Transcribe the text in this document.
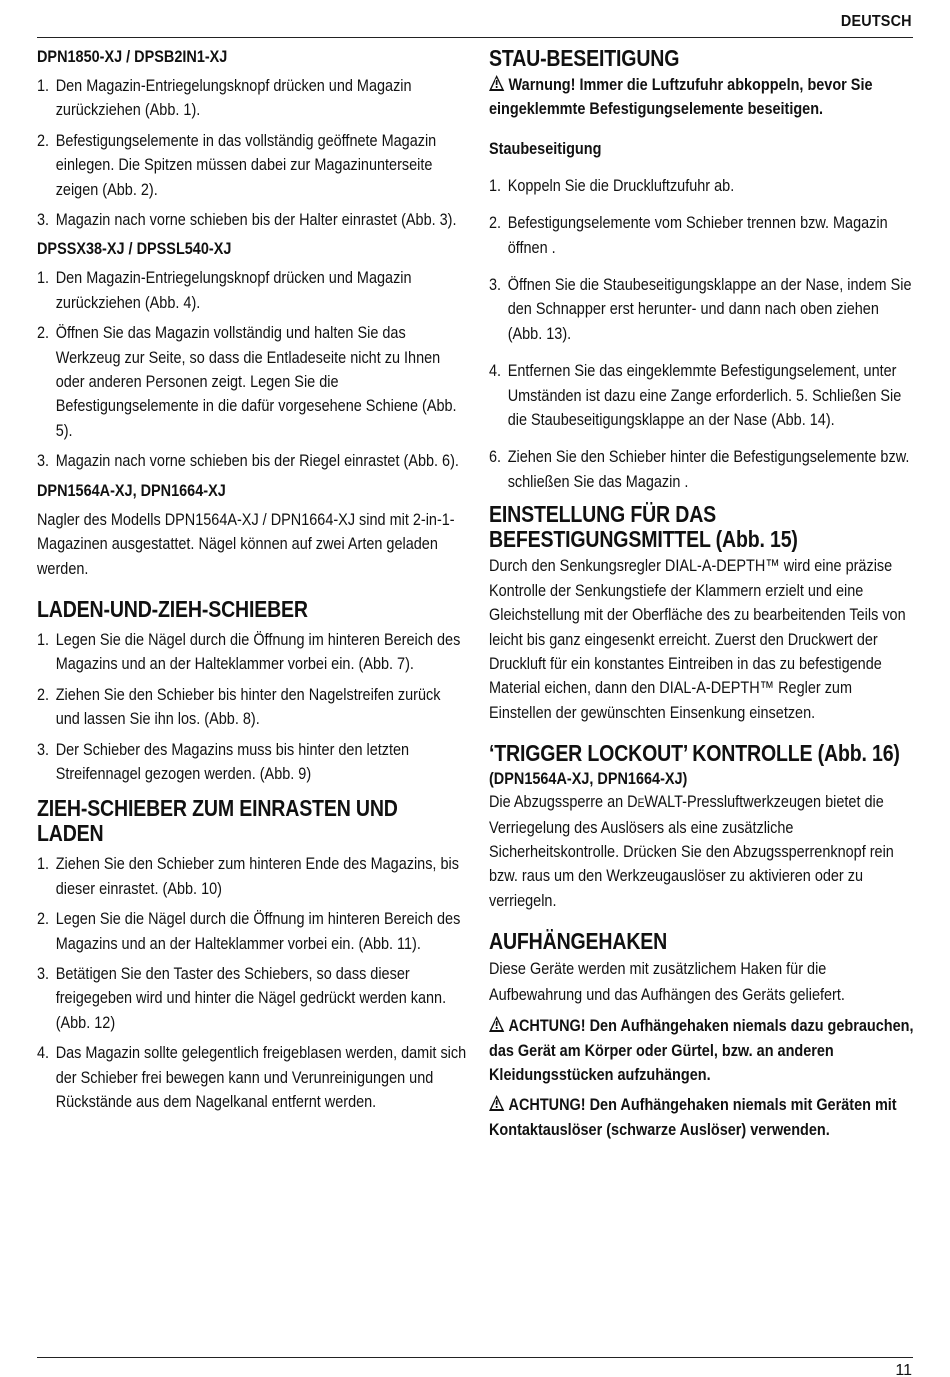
DEUTSCH
DPN1850-XJ / DPSB2IN1-XJ
1. Den Magazin-Entriegelungsknopf drücken und Magazin zurückziehen (Abb. 1).
2. Befestigungselemente in das vollständig geöffnete Magazin einlegen. Die Spitzen müssen dabei zur Magazinunterseite zeigen (Abb. 2).
3. Magazin nach vorne schieben bis der Halter einrastet (Abb. 3).
DPSSX38-XJ / DPSSL540-XJ
1. Den Magazin-Entriegelungsknopf drücken und Magazin zurückziehen (Abb. 4).
2. Öffnen Sie das Magazin vollständig und halten Sie das Werkzeug zur Seite, so dass die Entladeseite nicht zu Ihnen oder anderen Personen zeigt. Legen Sie die Befestigungselemente in die dafür vorgesehene Schiene (Abb. 5).
3. Magazin nach vorne schieben bis der Riegel einrastet (Abb. 6).
DPN1564A-XJ, DPN1664-XJ

Nagler des Modells DPN1564A-XJ / DPN1664-XJ sind mit 2-in-1-Magazinen ausgestattet. Nägel können auf zwei Arten geladen werden.

LADEN-UND-ZIEH-SCHIEBER
1. Legen Sie die Nägel durch die Öffnung im hinteren Bereich des Magazins und an der Halteklammer vorbei ein. (Abb. 7).
2. Ziehen Sie den Schieber bis hinter den Nagelstreifen zurück und lassen Sie ihn los. (Abb. 8).
3. Der Schieber des Magazins muss bis hinter den letzten Streifennagel gezogen werden. (Abb. 9)
ZIEH-SCHIEBER ZUM EINRASTEN UND LADEN
1. Ziehen Sie den Schieber zum hinteren Ende des Magazins, bis dieser einrastet. (Abb. 10)
2. Legen Sie die Nägel durch die Öffnung im hinteren Bereich des Magazins und an der Halteklammer vorbei ein. (Abb. 11).
3. Betätigen Sie den Taster des Schiebers, so dass dieser freigegeben wird und hinter die Nägel gedrückt werden kann. (Abb. 12)
4. Das Magazin sollte gelegentlich freigeblasen werden, damit sich der Schieber frei bewegen kann und Verunreinigungen und Rückstände aus dem Nagelkanal entfernt werden.
STAU-BESEITIGUNG

!Warnung! Immer die Luftzufuhr abkoppeln, bevor Sie eingeklemmte Befestigungselemente beseitigen.

Staubeseitigung

1. Koppeln Sie die Druckluftzufuhr ab.
2. Befestigungselemente vom Schieber trennen bzw. Magazin öffnen .
3. Öffnen Sie die Staubeseitigungsklappe an der Nase, indem Sie den Schnapper erst herunter- und dann nach oben ziehen (Abb. 13).
4. Entfernen Sie das eingeklemmte Befestigungselement, unter Umständen ist dazu eine Zange erforderlich. 5. Schließen Sie die Staubeseitigungsklappe an der Nase (Abb. 14).
6. Ziehen Sie den Schieber hinter die Befestigungselemente bzw. schließen Sie das Magazin .
EINSTELLUNG FÜR DAS BEFESTIGUNGSMITTEL (Abb. 15)

Durch den Senkungsregler DIAL-A-DEPTH™ wird eine präzise Kontrolle der Senkungstiefe der Klammern erzielt und eine Gleichstellung mit der Oberfläche des zu bearbeitenden Teils von leicht bis ganz eingesenkt erreicht. Zuerst den Druckwert der Druckluft für ein konstantes Eintreiben in das zu befestigende Material eichen, dann den DIAL-A-DEPTH™ Regler zum Einstellen der gewünschten Einsenkung einsetzen.

‘TRIGGER LOCKOUT’ KONTROLLE (Abb. 16)

(DPN1564A-XJ, DPN1664-XJ)

Die Abzugssperre an DEWALT-Pressluftwerkzeugen bietet die Verriegelung des Auslösers als eine zusätzliche Sicherheitskontrolle. Drücken Sie den Abzugssperrenknopf rein bzw. raus um den Werkzeugauslöser zu aktivieren oder zu verriegeln.

AUFHÄNGEHAKEN

Diese Geräte werden mit zusätzlichem Haken für die Aufbewahrung und das Aufhängen des Geräts geliefert.

!ACHTUNG! Den Aufhängehaken niemals dazu gebrauchen, das Gerät am Körper oder Gürtel, bzw. an anderen Kleidungsstücken aufzuhängen.

!ACHTUNG! Den Aufhängehaken niemals mit Geräten mit Kontaktauslöser (schwarze Auslöser) verwenden.

11
